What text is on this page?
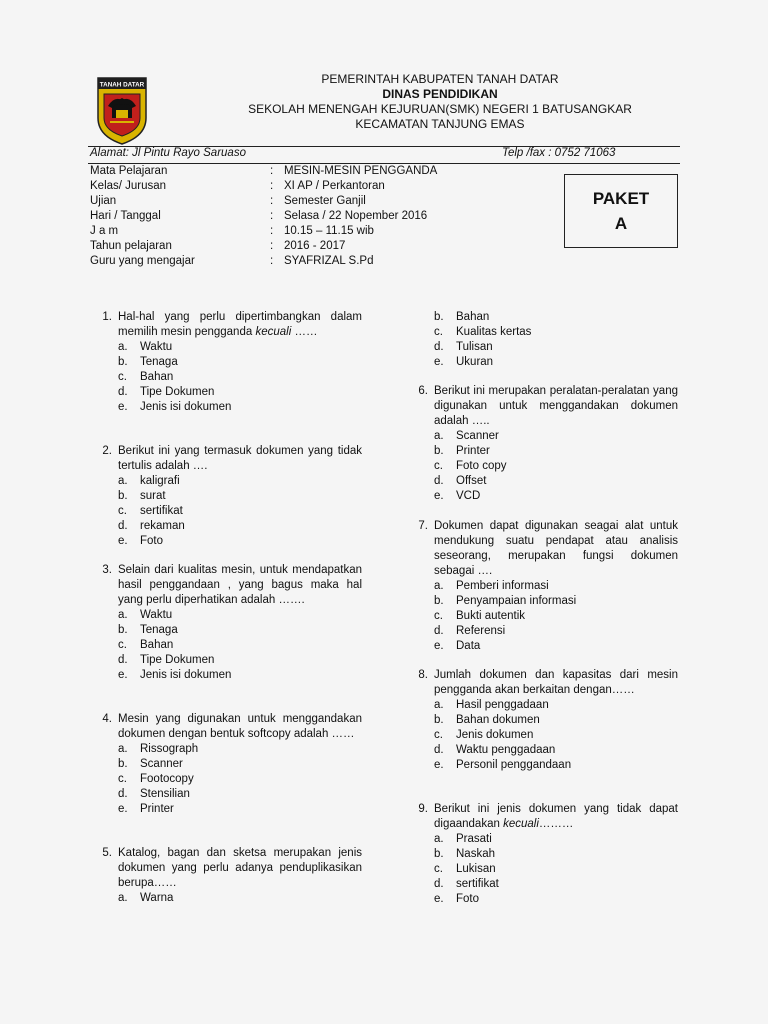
TANAH DATAR	PEMERINTAH KABUPATEN TANAH DATAR
DINAS PENDIDIKAN
SEKOLAH MENENGAH KEJURUAN(SMK) NEGERI 1 BATUSANGKAR
KECAMATAN TANJUNG EMAS
Alamat: Jl Pintu Rayo Saruaso	Telp /fax : 0752 71063
Mata Pelajaran	: MESIN-MESIN PENGGANDA
Kelas/ Jurusan	: XI AP / Perkantoran
Ujian	: Semester Ganjil
Hari / Tanggal	: Selasa / 22 Nopember 2016
J a m	: 10.15 – 11.15 wib
Tahun pelajaran	: 2016 - 2017
Guru yang mengajar	: SYAFRIZAL S.Pd
PAKET
A
1. Hal-hal yang perlu dipertimbangkan dalam memilih mesin pengganda kecuali ……
a.	Waktu
b.	Tenaga
c.	Bahan
d.	Tipe Dokumen
e.	Jenis isi dokumen
2. Berikut ini yang termasuk dokumen yang tidak tertulis adalah ….
a.	kaligrafi
b.	surat
c.	sertifikat
d.	rekaman
e.	Foto
3. Selain dari kualitas mesin, untuk mendapatkan hasil penggandaan , yang bagus maka hal yang perlu diperhatikan adalah …….
a.	Waktu
b.	Tenaga
c.	Bahan
d.	Tipe Dokumen
e.	Jenis isi dokumen
4. Mesin yang digunakan untuk menggandakan dokumen dengan bentuk softcopy adalah ……
a.	Rissograph
b.	Scanner
c.	Footocopy
d.	Stensilian
e.	Printer
5. Katalog, bagan dan sketsa merupakan jenis dokumen yang perlu adanya penduplikasikan berupa……
a.	Warna
b.	Bahan
c.	Kualitas kertas
d.	Tulisan
e.	Ukuran
6. Berikut ini merupakan peralatan-peralatan yang digunakan untuk menggandakan dokumen adalah …..
a.	Scanner
b.	Printer
c.	Foto copy
d.	Offset
e.	VCD
7. Dokumen dapat digunakan seagai alat untuk mendukung suatu pendapat atau analisis seseorang, merupakan fungsi dokumen sebagai ….
a.	Pemberi informasi
b.	Penyampaian informasi
c.	Bukti autentik
d.	Referensi
e.	Data
8. Jumlah dokumen dan kapasitas dari mesin pengganda akan berkaitan dengan……
a.	Hasil penggadaan
b.	Bahan dokumen
c.	Jenis dokumen
d.	Waktu penggadaan
e.	Personil penggandaan
9. Berikut ini jenis dokumen yang tidak dapat digaandakan kecuali………
a.	Prasati
b.	Naskah
c.	Lukisan
d.	sertifikat
e.	Foto
